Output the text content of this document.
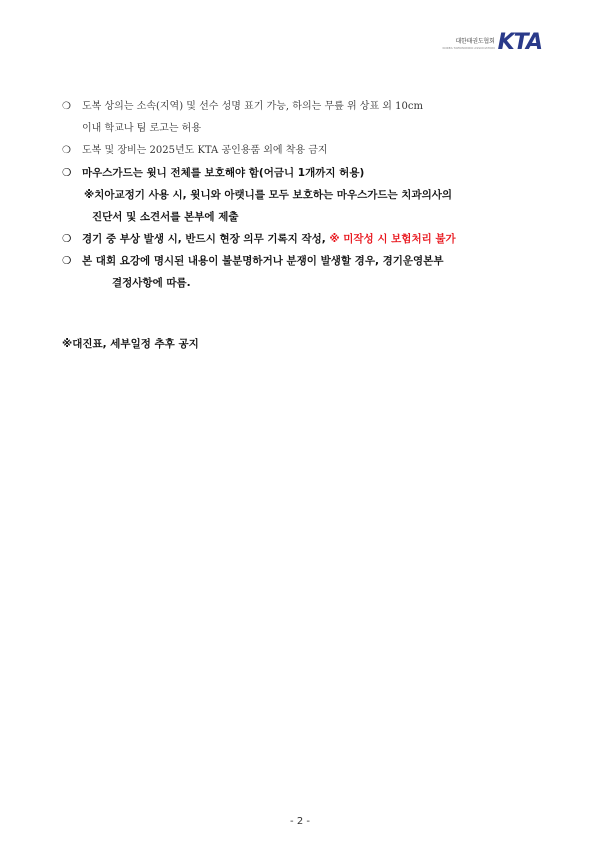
대한태권도협회
KOREA TAEKWONDO ASSOCIATION KTA
❍ 도복 상의는 소속(지역) 및 선수 성명 표기 가능, 하의는 무릎 위 상표 외 10cm
이내 학교나 팀 로고는 허용
❍ 도복 및 장비는 2025년도 KTA 공인용품 외에 착용 금지
❍ 마우스가드는 윗니 전체를 보호해야 함(어금니 1개까지 허용)
※치아교정기 사용 시, 윗니와 아랫니를 모두 보호하는 마우스가드는 치과의사의
진단서 및 소견서를 본부에 제출
❍ 경기 중 부상 발생 시, 반드시 현장 의무 기록지 작성, ※ 미작성 시 보험처리 불가
❍ 본 대회 요강에 명시된 내용이 불분명하거나 분쟁이 발생할 경우, 경기운영본부
결정사항에 따름.
※대진표, 세부일정 추후 공지
- 2 -
